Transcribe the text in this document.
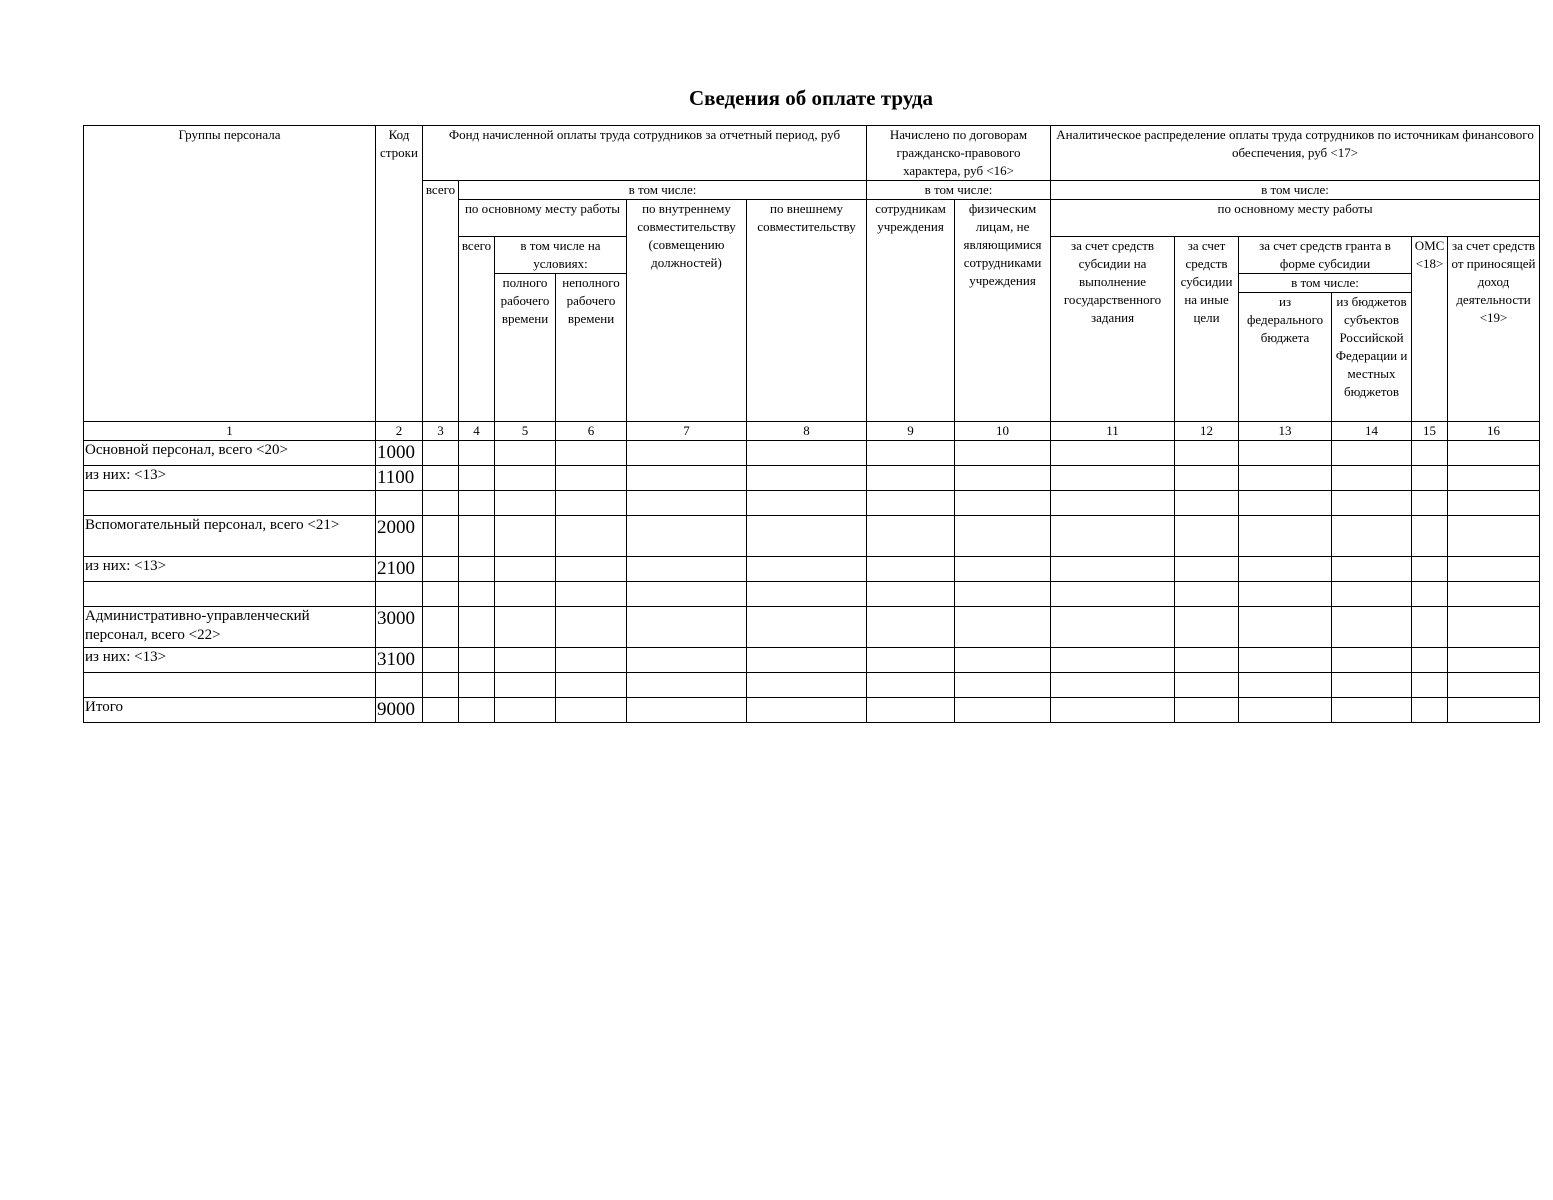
Сведения об оплате труда
Группы персонала	Код строки	Фонд начисленной оплаты труда сотрудников за отчетный период, руб						Начислено по договорам гражданско-правового характера, руб <16>		Аналитическое распределение оплаты труда сотрудников по источникам финансового обеспечения, руб <17>					
		всего	в том числе:					в том числе:		в том числе:					
			по основному месту работы			по внутреннему совместительству (совмещению должностей)	по внешнему совместительству	сотрудникам учреждения	физическим лицам, не являющимися сотрудниками учреждения	по основному месту работы					
			всего	в том числе на условиях:						за счет средств субсидии на выполнение государственного задания	за счет средств субсидии на иные цели	за счет средств гранта в форме субсидии		ОМС <18>	за счет средств от приносящей доход деятельности <19>
				полного рабочего времени	неполного рабочего времени							в том числе:			
												из федерального бюджета	из бюджетов субъектов Российской Федерации и местных бюджетов		
1	2	3	4	5	6	7	8	9	10	11	12	13	14	15	16
Основной персонал, всего <20>	1000														
из них: <13>	1100														

Вспомогательный персонал, всего <21>	2000														
из них: <13>	2100														

Административно-управленческий персонал, всего <22>	3000														
из них: <13>	3100														

Итого	9000														
